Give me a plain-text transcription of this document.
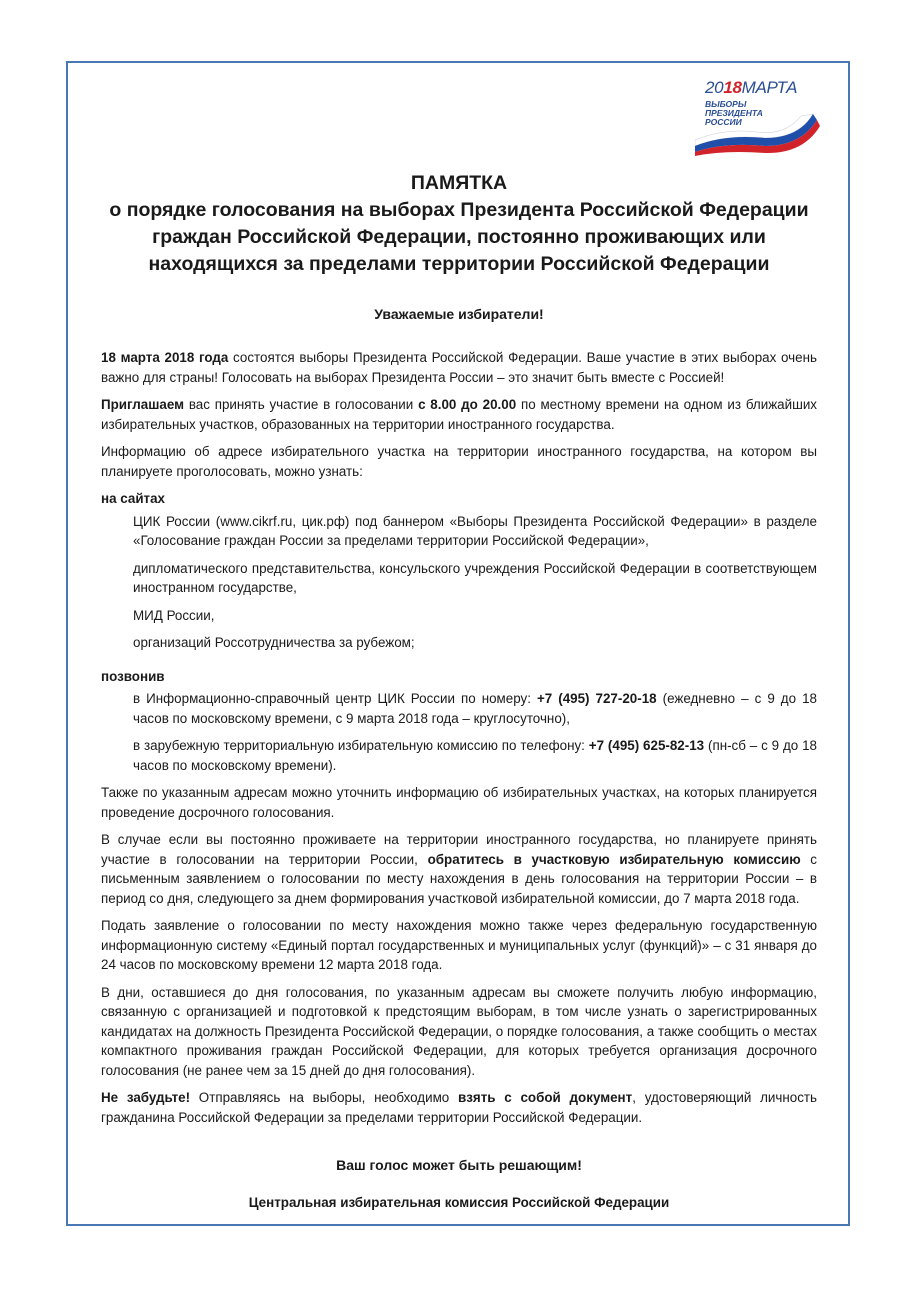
2018МАРТА
ВЫБОРЫ
ПРЕЗИДЕНТА
РОССИИ
ПАМЯТКА
о порядке голосования на выборах Президента Российской Федерации
граждан Российской Федерации, постоянно проживающих или
находящихся за пределами территории Российской Федерации
Уважаемые избиратели!

18 марта 2018 года состоятся выборы Президента Российской Федерации. Ваше участие в этих выборах очень важно для страны! Голосовать на выборах Президента России – это значит быть вместе с Россией!

Приглашаем вас принять участие в голосовании с 8.00 до 20.00 по местному времени на одном из ближайших избирательных участков, образованных на территории иностранного государства.

Информацию об адресе избирательного участка на территории иностранного государства, на котором вы планируете проголосовать, можно узнать:

на сайтах

ЦИК России (www.cikrf.ru, цик.рф) под баннером «Выборы Президента Российской Федерации» в разделе «Голосование граждан России за пределами территории Российской Федерации»,

дипломатического представительства, консульского учреждения Российской Федерации в соответствующем иностранном государстве,

МИД России,

организаций Россотрудничества за рубежом;

позвонив

в Информационно-справочный центр ЦИК России по номеру: +7 (495) 727-20-18 (ежедневно – с 9 до 18 часов по московскому времени, с 9 марта 2018 года – круглосуточно),

в зарубежную территориальную избирательную комиссию по телефону: +7 (495) 625-82-13 (пн-сб – с 9 до 18 часов по московскому времени).

Также по указанным адресам можно уточнить информацию об избирательных участках, на которых планируется проведение досрочного голосования.

В случае если вы постоянно проживаете на территории иностранного государства, но планируете принять участие в голосовании на территории России, обратитесь в участковую избирательную комиссию с письменным заявлением о голосовании по месту нахождения в день голосования на территории России – в период со дня, следующего за днем формирования участковой избирательной комиссии, до 7 марта 2018 года.

Подать заявление о голосовании по месту нахождения можно также через федеральную государственную информационную систему «Единый портал государственных и муниципальных услуг (функций)» – с 31 января до 24 часов по московскому времени 12 марта 2018 года.

В дни, оставшиеся до дня голосования, по указанным адресам вы сможете получить любую информацию, связанную с организацией и подготовкой к предстоящим выборам, в том числе узнать о зарегистрированных кандидатах на должность Президента Российской Федерации, о порядке голосования, а также сообщить о местах компактного проживания граждан Российской Федерации, для которых требуется организация досрочного голосования (не ранее чем за 15 дней до дня голосования).

Не забудьте! Отправляясь на выборы, необходимо взять с собой документ, удостоверяющий личность гражданина Российской Федерации за пределами территории Российской Федерации.

Ваш голос может быть решающим!
Центральная избирательная комиссия Российской Федерации
